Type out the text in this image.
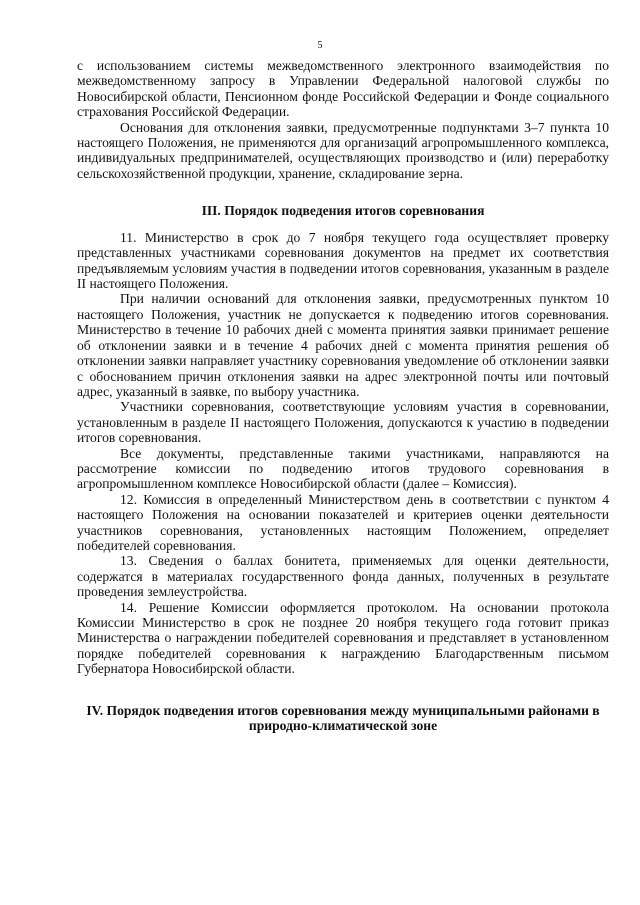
5

с использованием системы межведомственного электронного взаимодействия по межведомственному запросу в Управлении Федеральной налоговой службы по Новосибирской области, Пенсионном фонде Российской Федерации и Фонде социального страхования Российской Федерации.

Основания для отклонения заявки, предусмотренные подпунктами 3–7 пункта 10 настоящего Положения, не применяются для организаций агропромышленного комплекса, индивидуальных предпринимателей, осуществляющих производство и (или) переработку сельскохозяйственной продукции, хранение, складирование зерна.

III. Порядок подведения итогов соревнования

11. Министерство в срок до 7 ноября текущего года осуществляет проверку представленных участниками соревнования документов на предмет их соответствия предъявляемым условиям участия в подведении итогов соревнования, указанным в разделе II настоящего Положения.

При наличии оснований для отклонения заявки, предусмотренных пунктом 10 настоящего Положения, участник не допускается к подведению итогов соревнования. Министерство в течение 10 рабочих дней с момента принятия заявки принимает решение об отклонении заявки и в течение 4 рабочих дней с момента принятия решения об отклонении заявки направляет участнику соревнования уведомление об отклонении заявки с обоснованием причин отклонения заявки на адрес электронной почты или почтовый адрес, указанный в заявке, по выбору участника.

Участники соревнования, соответствующие условиям участия в соревновании, установленным в разделе II настоящего Положения, допускаются к участию в подведении итогов соревнования.

Все документы, представленные такими участниками, направляются на рассмотрение комиссии по подведению итогов трудового соревнования в агропромышленном комплексе Новосибирской области (далее – Комиссия).

12. Комиссия в определенный Министерством день в соответствии с пунктом 4 настоящего Положения на основании показателей и критериев оценки деятельности участников соревнования, установленных настоящим Положением, определяет победителей соревнования.

13. Сведения о баллах бонитета, применяемых для оценки деятельности, содержатся в материалах государственного фонда данных, полученных в результате проведения землеустройства.

14. Решение Комиссии оформляется протоколом. На основании протокола Комиссии Министерство в срок не позднее 20 ноября текущего года готовит приказ Министерства о награждении победителей соревнования и представляет в установленном порядке победителей соревнования к награждению Благодарственным письмом Губернатора Новосибирской области.

IV. Порядок подведения итогов соревнования между муниципальными районами в природно-климатической зоне
